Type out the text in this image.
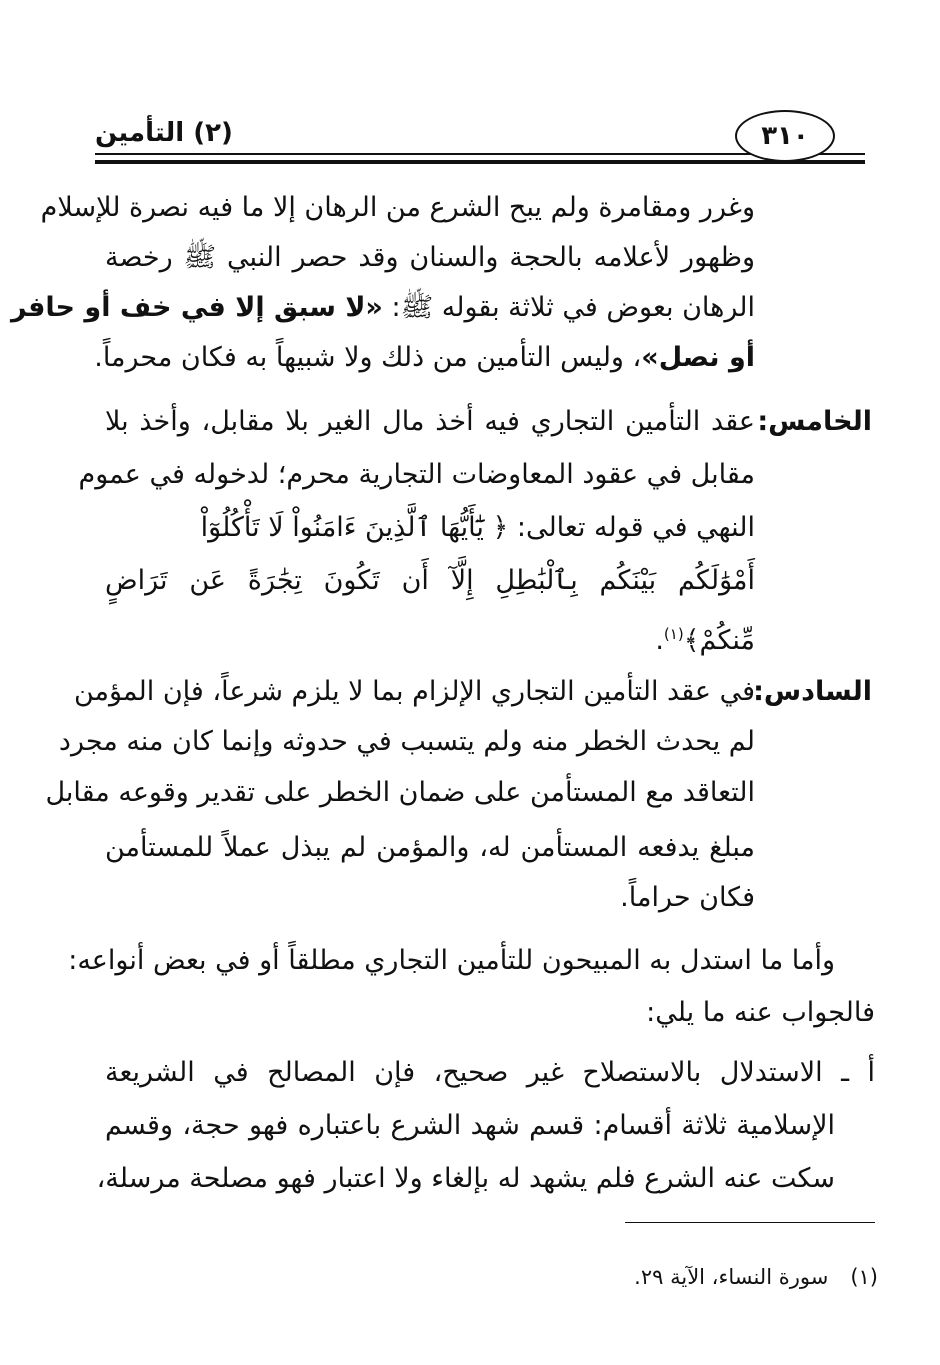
(٢) التأمين	٣١٠
وغرر ومقامرة ولم يبح الشرع من الرهان إلا ما فيه نصرة للإسلام
وظهور لأعلامه بالحجة والسنان وقد حصر النبي ﷺ رخصة
الرهان بعوض في ثلاثة بقوله ﷺ: «لا سبق إلا في خف أو حافر
أو نصل»، وليس التأمين من ذلك ولا شبيهاً به فكان محرماً.
الخامس:
عقد التأمين التجاري فيه أخذ مال الغير بلا مقابل، وأخذ بلا
مقابل في عقود المعاوضات التجارية محرم؛ لدخوله في عموم
النهي في قوله تعالى: ﴿ يَٰٓأَيُّهَا ٱلَّذِينَ ءَامَنُواْ لَا تَأْكُلُوٓاْ
أَمْوَٰلَكُم بَيْنَكُم بِٱلْبَٰطِلِ إِلَّآ أَن تَكُونَ تِجَٰرَةً عَن تَرَاضٍ
مِّنكُمْ﴾$^{(١)}$.
السادس:
في عقد التأمين التجاري الإلزام بما لا يلزم شرعاً، فإن المؤمن
لم يحدث الخطر منه ولم يتسبب في حدوثه وإنما كان منه مجرد
التعاقد مع المستأمن على ضمان الخطر على تقدير وقوعه مقابل
مبلغ يدفعه المستأمن له، والمؤمن لم يبذل عملاً للمستأمن
فكان حراماً.
وأما ما استدل به المبيحون للتأمين التجاري مطلقاً أو في بعض أنواعه:
فالجواب عنه ما يلي:
أ ـ الاستدلال بالاستصلاح غير صحيح، فإن المصالح في الشريعة
الإسلامية ثلاثة أقسام: قسم شهد الشرع باعتباره فهو حجة، وقسم
سكت عنه الشرع فلم يشهد له بإلغاء ولا اعتبار فهو مصلحة مرسلة،
(١)سورة النساء، الآية ٢٩.
